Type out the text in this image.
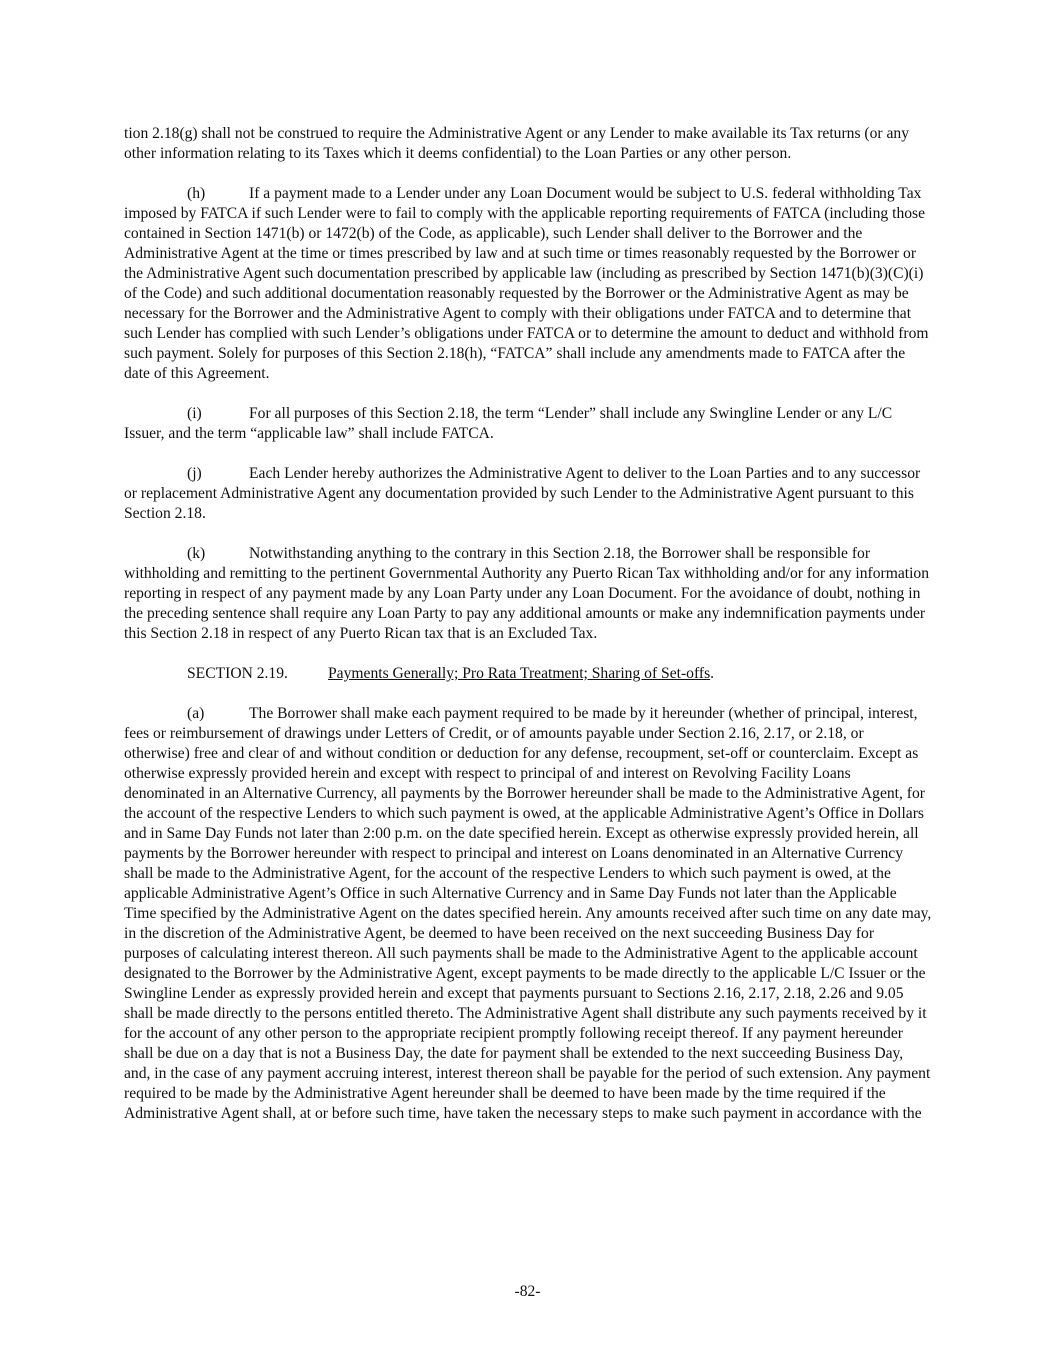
tion 2.18(g) shall not be construed to require the Administrative Agent or any Lender to make available its Tax returns (or any other information relating to its Taxes which it deems confidential) to the Loan Parties or any other person.

(h)	If a payment made to a Lender under any Loan Document would be subject to U.S. federal withholding Tax imposed by FATCA if such Lender were to fail to comply with the applicable reporting requirements of FATCA (including those contained in Section 1471(b) or 1472(b) of the Code, as applicable), such Lender shall deliver to the Borrower and the Administrative Agent at the time or times prescribed by law and at such time or times reasonably requested by the Borrower or the Administrative Agent such documentation prescribed by applicable law (including as prescribed by Section 1471(b)(3)(C)(i) of the Code) and such additional documentation reasonably requested by the Borrower or the Administrative Agent as may be necessary for the Borrower and the Administrative Agent to comply with their obligations under FATCA and to determine that such Lender has complied with such Lender’s obligations under FATCA or to determine the amount to deduct and withhold from such payment. Solely for purposes of this Section 2.18(h), “FATCA” shall include any amendments made to FATCA after the date of this Agreement.

(i)	For all purposes of this Section 2.18, the term “Lender” shall include any Swingline Lender or any L/C Issuer, and the term “applicable law” shall include FATCA.

(j)	Each Lender hereby authorizes the Administrative Agent to deliver to the Loan Parties and to any successor or replacement Administrative Agent any documentation provided by such Lender to the Administrative Agent pursuant to this Section 2.18.

(k)	Notwithstanding anything to the contrary in this Section 2.18, the Borrower shall be responsible for withholding and remitting to the pertinent Governmental Authority any Puerto Rican Tax withholding and/or for any information reporting in respect of any payment made by any Loan Party under any Loan Document. For the avoidance of doubt, nothing in the preceding sentence shall require any Loan Party to pay any additional amounts or make any indemnification payments under this Section 2.18 in respect of any Puerto Rican tax that is an Excluded Tax.

SECTION 2.19.	Payments Generally; Pro Rata Treatment; Sharing of Set-offs.

(a)	The Borrower shall make each payment required to be made by it hereunder (whether of principal, interest, fees or reimbursement of drawings under Letters of Credit, or of amounts payable under Section 2.16, 2.17, or 2.18, or otherwise) free and clear of and without condition or deduction for any defense, recoupment, set-off or counterclaim. Except as otherwise expressly provided herein and except with respect to principal of and interest on Revolving Facility Loans denominated in an Alternative Currency, all payments by the Borrower hereunder shall be made to the Administrative Agent, for the account of the respective Lenders to which such payment is owed, at the applicable Administrative Agent’s Office in Dollars and in Same Day Funds not later than 2:00 p.m. on the date specified herein. Except as otherwise expressly provided herein, all payments by the Borrower hereunder with respect to principal and interest on Loans denominated in an Alternative Currency shall be made to the Administrative Agent, for the account of the respective Lenders to which such payment is owed, at the applicable Administrative Agent’s Office in such Alternative Currency and in Same Day Funds not later than the Applicable Time specified by the Administrative Agent on the dates specified herein. Any amounts received after such time on any date may, in the discretion of the Administrative Agent, be deemed to have been received on the next succeeding Business Day for purposes of calculating interest thereon. All such payments shall be made to the Administrative Agent to the applicable account designated to the Borrower by the Administrative Agent, except payments to be made directly to the applicable L/C Issuer or the Swingline Lender as expressly provided herein and except that payments pursuant to Sections 2.16, 2.17, 2.18, 2.26 and 9.05 shall be made directly to the persons entitled thereto. The Administrative Agent shall distribute any such payments received by it for the account of any other person to the appropriate recipient promptly following receipt thereof. If any payment hereunder shall be due on a day that is not a Business Day, the date for payment shall be extended to the next succeeding Business Day, and, in the case of any payment accruing interest, interest thereon shall be payable for the period of such extension. Any payment required to be made by the Administrative Agent hereunder shall be deemed to have been made by the time required if the Administrative Agent shall, at or before such time, have taken the necessary steps to make such payment in accordance with the

-82-
